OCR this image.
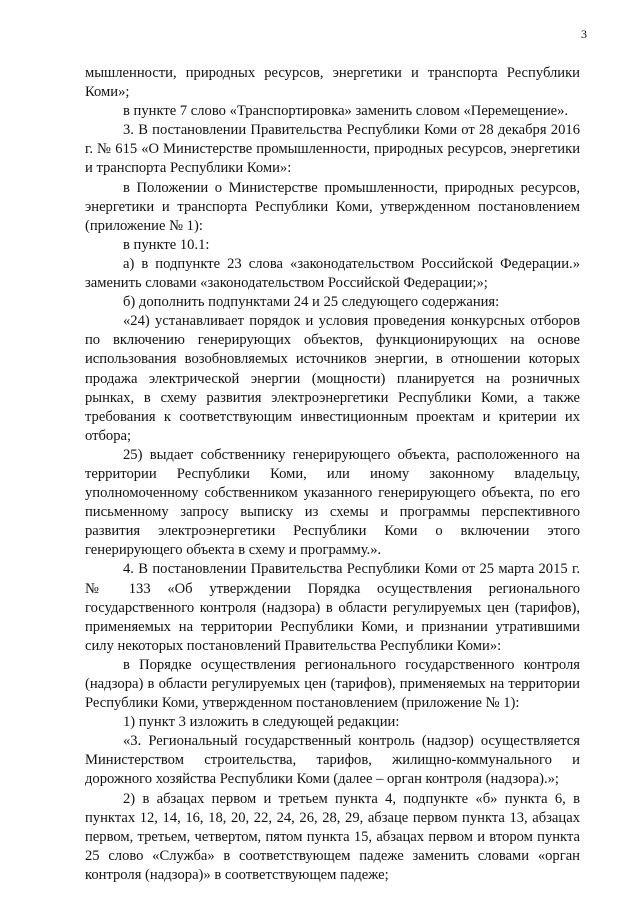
3

мышленности, природных ресурсов, энергетики и транспорта Республики Коми»;

в пункте 7 слово «Транспортировка» заменить словом «Перемещение».

3. В постановлении Правительства Республики Коми от 28 декабря 2016 г. № 615 «О Министерстве промышленности, природных ресурсов, энергетики и транспорта Республики Коми»:

в Положении о Министерстве промышленности, природных ресурсов, энергетики и транспорта Республики Коми, утвержденном постановлением (приложение № 1):

в пункте 10.1:

а) в подпункте 23 слова «законодательством Российской Федерации.» заменить словами «законодательством Российской Федерации;»;

б) дополнить подпунктами 24 и 25 следующего содержания:

«24) устанавливает порядок и условия проведения конкурсных отборов по включению генерирующих объектов, функционирующих на основе использования возобновляемых источников энергии, в отношении которых продажа электрической энергии (мощности) планируется на розничных рынках, в схему развития электроэнергетики Республики Коми, а также требования к соответствующим инвестиционным проектам и критерии их отбора;

25) выдает собственнику генерирующего объекта, расположенного на территории Республики Коми, или иному законному владельцу, уполномоченному собственником указанного генерирующего объекта, по его письменному запросу выписку из схемы и программы перспективного развития электроэнергетики Республики Коми о включении этого генерирующего объекта в схему и программу.».

4. В постановлении Правительства Республики Коми от 25 марта 2015 г. № 133 «Об утверждении Порядка осуществления регионального государственного контроля (надзора) в области регулируемых цен (тарифов), применяемых на территории Республики Коми, и признании утратившими силу некоторых постановлений Правительства Республики Коми»:

в Порядке осуществления регионального государственного контроля (надзора) в области регулируемых цен (тарифов), применяемых на территории Республики Коми, утвержденном постановлением (приложение № 1):

1) пункт 3 изложить в следующей редакции:

«3. Региональный государственный контроль (надзор) осуществляется Министерством строительства, тарифов, жилищно-коммунального и дорожного хозяйства Республики Коми (далее – орган контроля (надзора).»;

2) в абзацах первом и третьем пункта 4, подпункте «б» пункта 6, в пунктах 12, 14, 16, 18, 20, 22, 24, 26, 28, 29, абзаце первом пункта 13, абзацах первом, третьем, четвертом, пятом пункта 15, абзацах первом и втором пункта 25 слово «Служба» в соответствующем падеже заменить словами «орган контроля (надзора)» в соответствующем падеже;
